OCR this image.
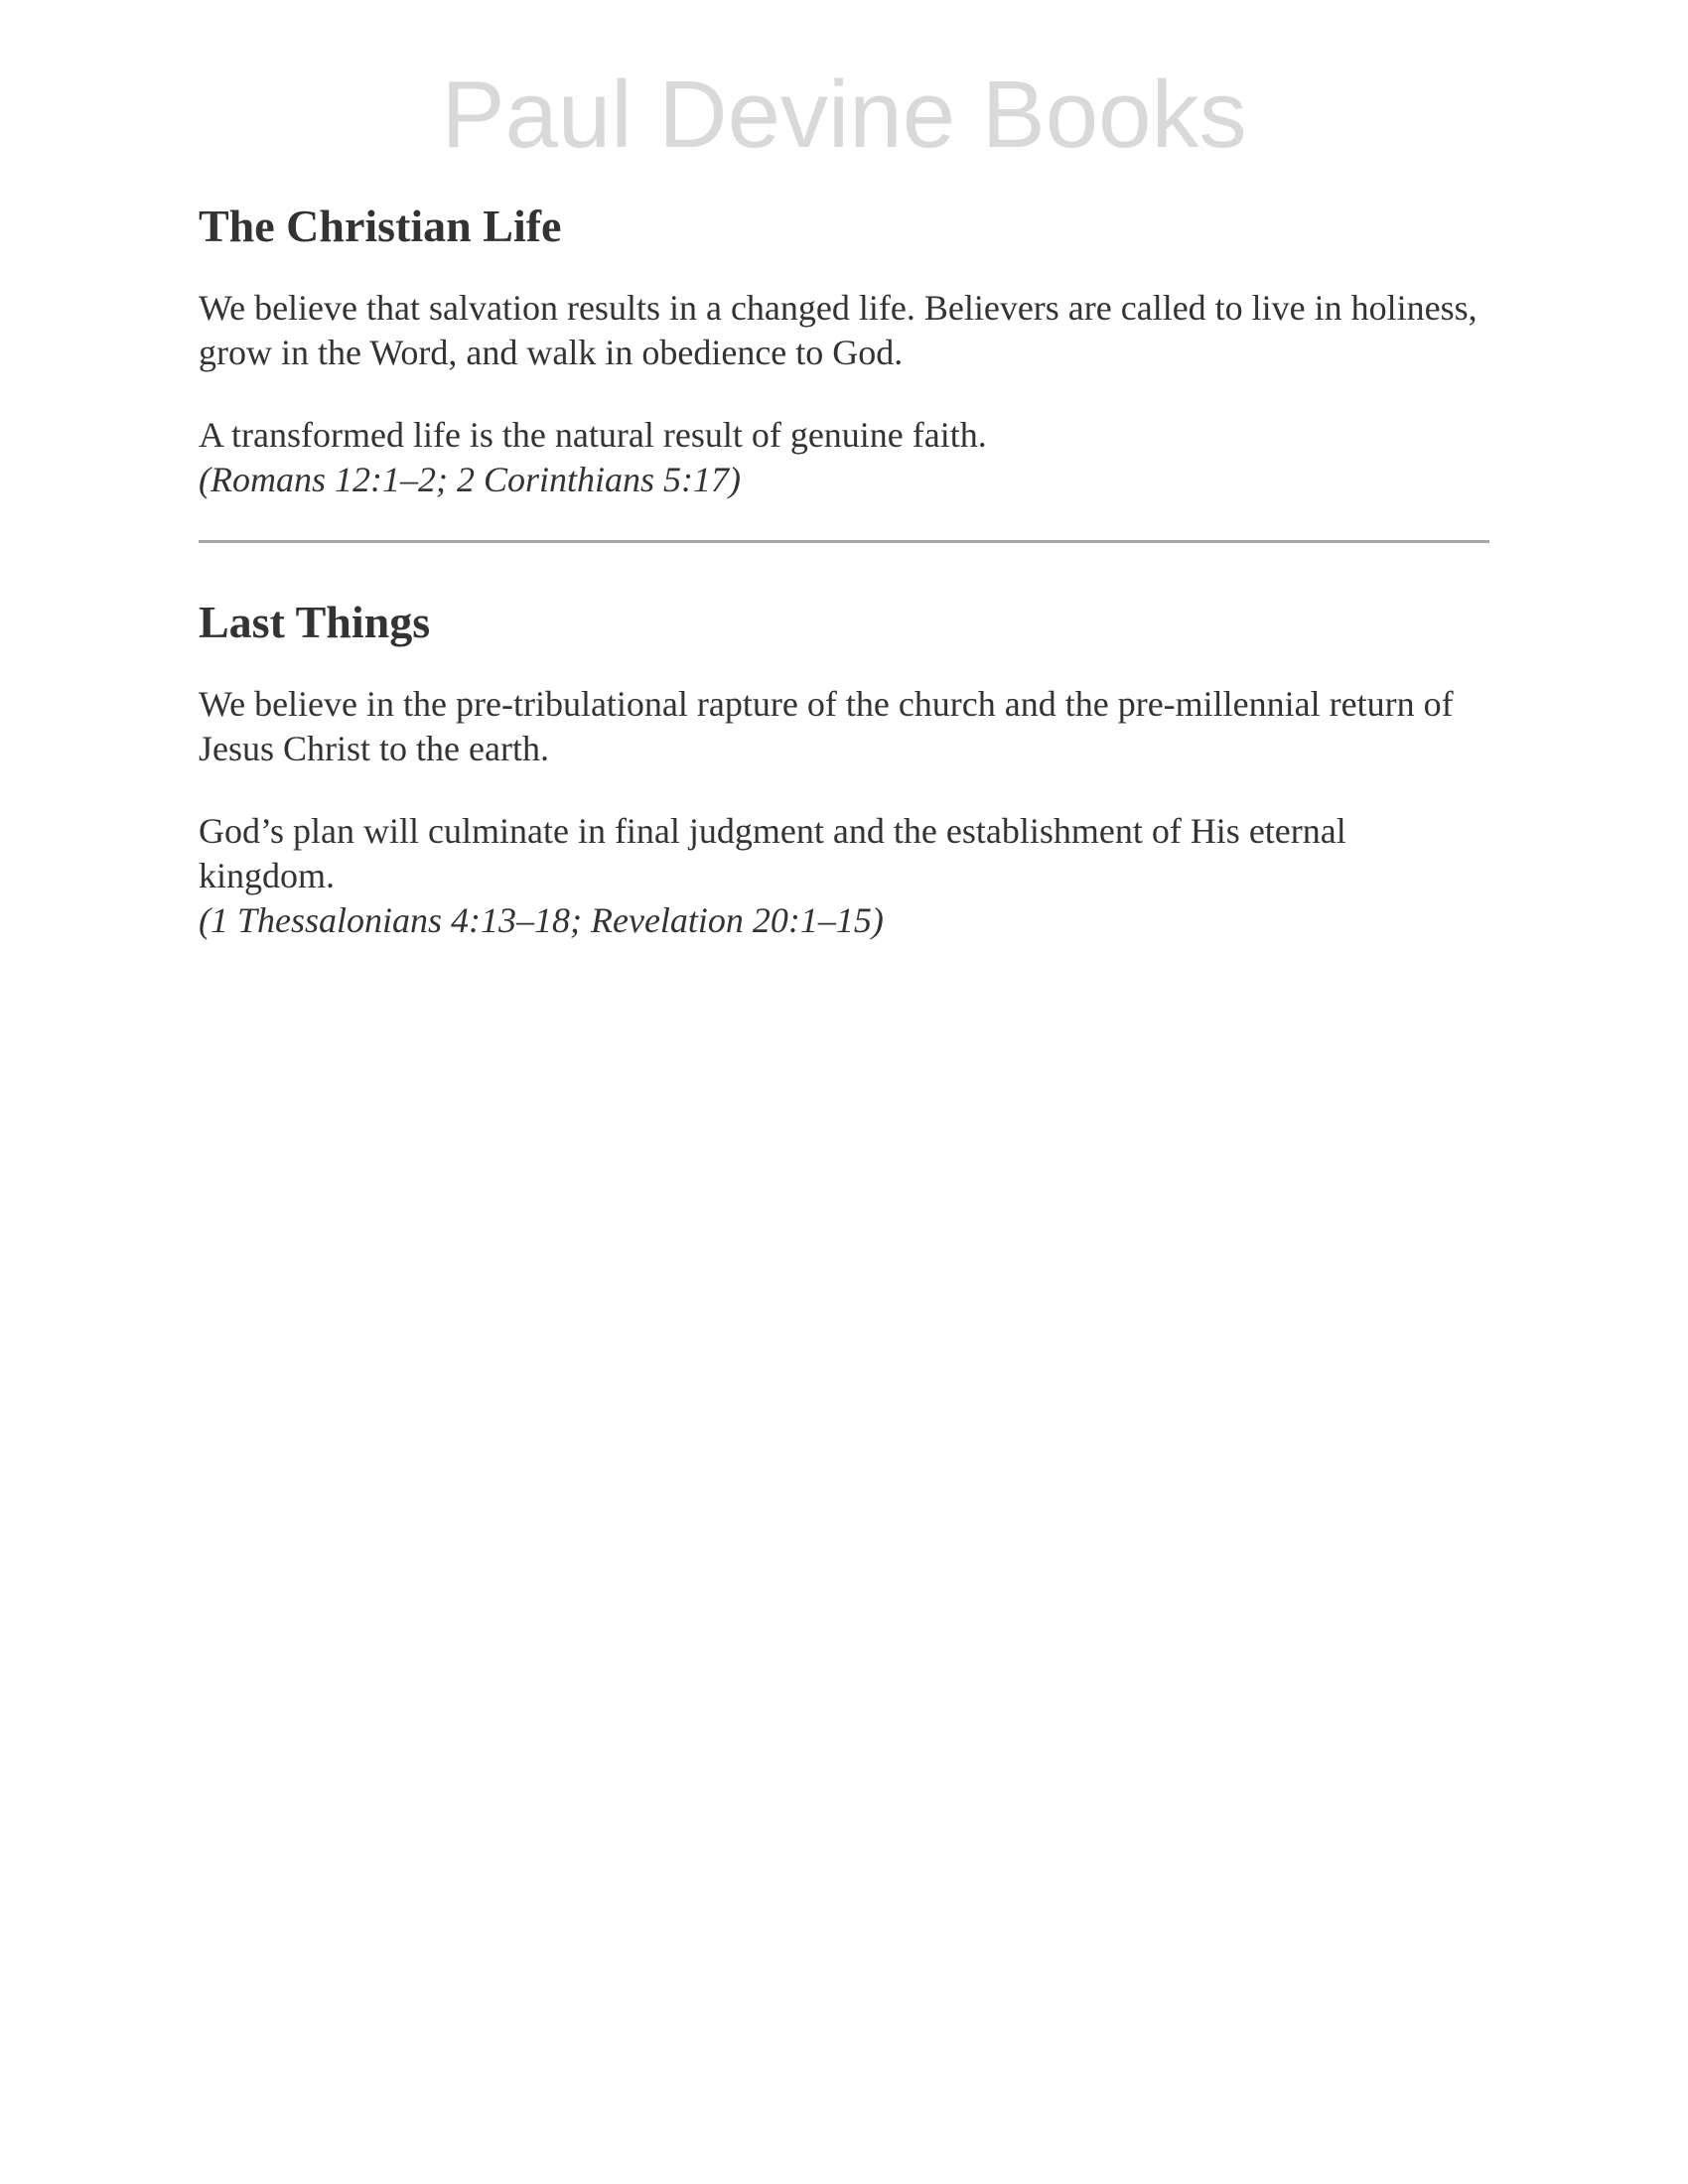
Paul Devine Books
The Christian Life

We believe that salvation results in a changed life. Believers are called to live in holiness, grow in the Word, and walk in obedience to God.

A transformed life is the natural result of genuine faith.
(Romans 12:1–2; 2 Corinthians 5:17)

Last Things

We believe in the pre-tribulational rapture of the church and the pre-millennial return of Jesus Christ to the earth.

God’s plan will culminate in final judgment and the establishment of His eternal kingdom.
(1 Thessalonians 4:13–18; Revelation 20:1–15)
